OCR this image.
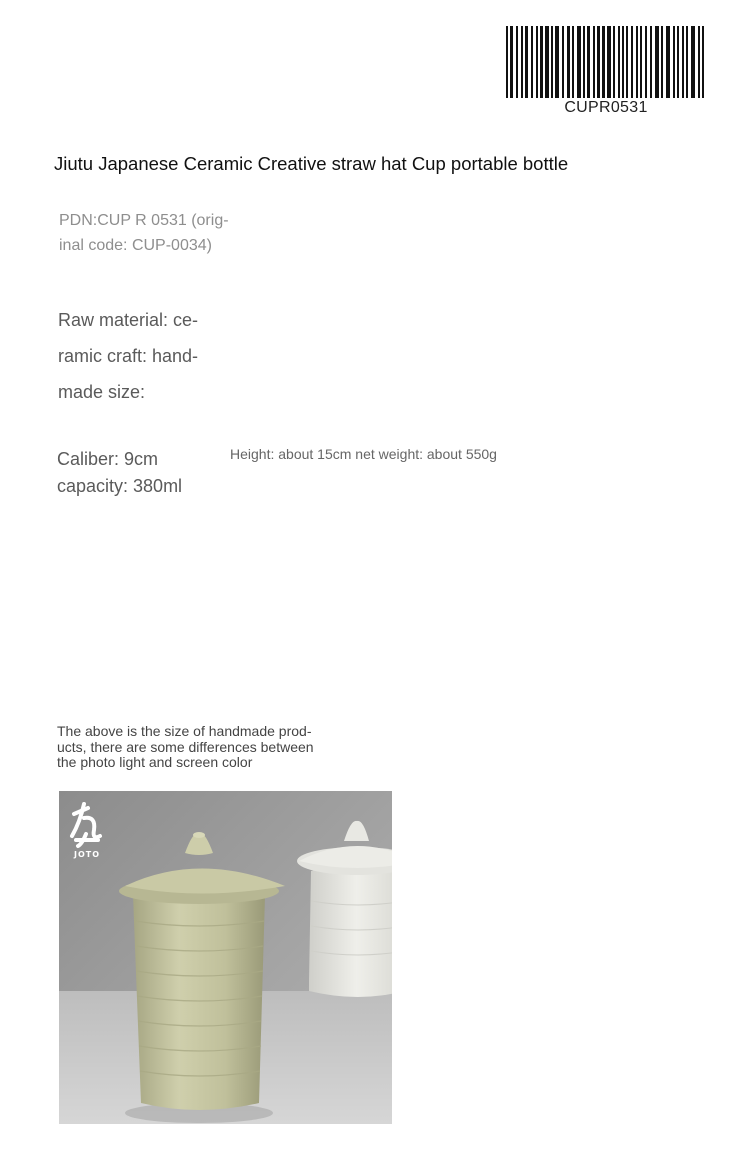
CUPR0531
Jiutu Japanese Ceramic Creative straw hat Cup portable bottle
PDN:CUP R 0531 (orig-inal code: CUP-0034)
Raw material: ce-ramic craft: hand-made size:
Caliber: 9cm
capacity: 380ml
Height: about 15cm net weight: about 550g
The above is the size of handmade prod-ucts, there are some differences between the photo light and screen color
JOTO
